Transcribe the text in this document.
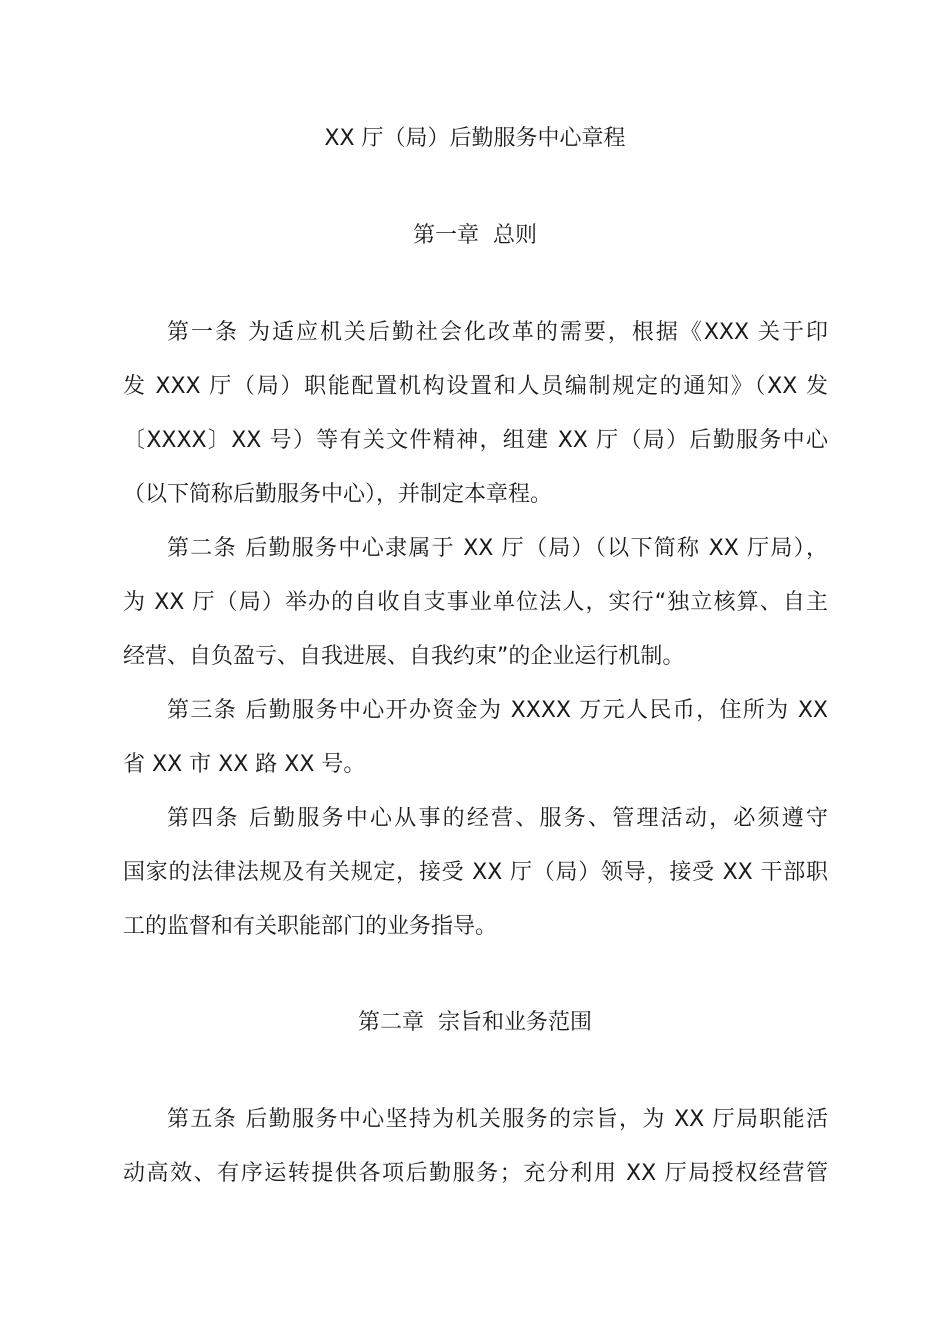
XX 厅（局）后勤服务中心章程
第一章  总则
第一条 为适应机关后勤社会化改革的需要，根据《XXX 关于印
发 XXX 厅（局）职能配置机构设置和人员编制规定的通知》（XX 发
〔XXXX〕XX 号）等有关文件精神，组建 XX 厅（局）后勤服务中心
（以下简称后勤服务中心），并制定本章程。
第二条 后勤服务中心隶属于 XX 厅（局）（以下简称 XX 厅局），
为 XX 厅（局）举办的自收自支事业单位法人，实行“独立核算、自主
经营、自负盈亏、自我进展、自我约束”的企业运行机制。
第三条 后勤服务中心开办资金为 XXXX 万元人民币，住所为 XX
省 XX 市 XX 路 XX 号。
第四条 后勤服务中心从事的经营、服务、管理活动，必须遵守
国家的法律法规及有关规定，接受 XX 厅（局）领导，接受 XX 干部职
工的监督和有关职能部门的业务指导。
第二章  宗旨和业务范围
第五条 后勤服务中心坚持为机关服务的宗旨，为 XX 厅局职能活
动高效、有序运转提供各项后勤服务；充分利用 XX 厅局授权经营管
